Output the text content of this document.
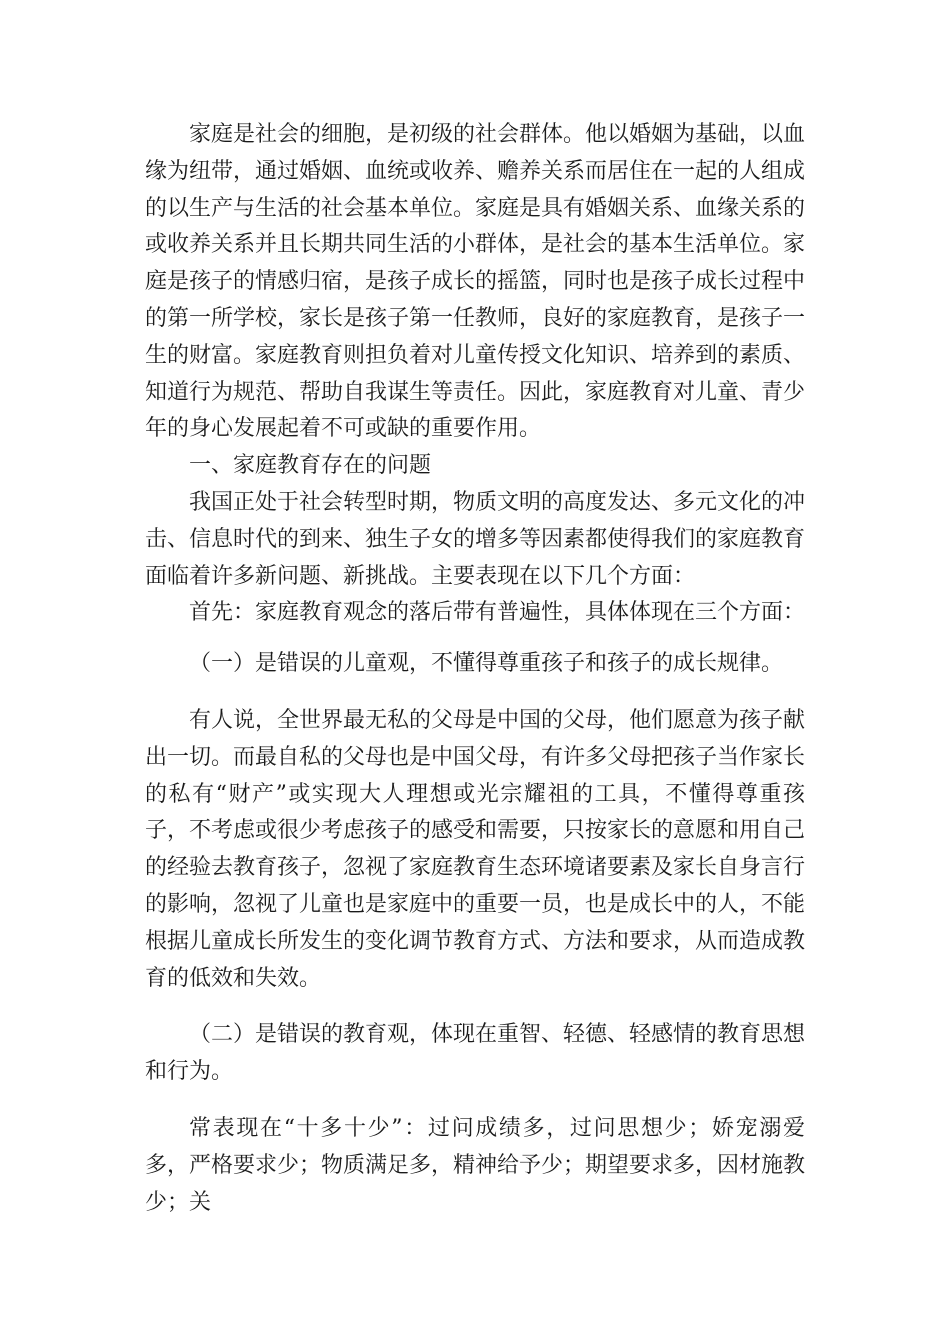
家庭是社会的细胞，是初级的社会群体。他以婚姻为基础，以血缘为纽带，通过婚姻、血统或收养、赡养关系而居住在一起的人组成的以生产与生活的社会基本单位。家庭是具有婚姻关系、血缘关系的或收养关系并且长期共同生活的小群体，是社会的基本生活单位。家庭是孩子的情感归宿，是孩子成长的摇篮，同时也是孩子成长过程中的第一所学校，家长是孩子第一任教师，良好的家庭教育，是孩子一生的财富。家庭教育则担负着对儿童传授文化知识、培养到的素质、知道行为规范、帮助自我谋生等责任。因此，家庭教育对儿童、青少年的身心发展起着不可或缺的重要作用。

一、家庭教育存在的问题

我国正处于社会转型时期，物质文明的高度发达、多元文化的冲击、信息时代的到来、独生子女的增多等因素都使得我们的家庭教育面临着许多新问题、新挑战。主要表现在以下几个方面：

首先：家庭教育观念的落后带有普遍性，具体体现在三个方面：

（一）是错误的儿童观，不懂得尊重孩子和孩子的成长规律。

有人说，全世界最无私的父母是中国的父母，他们愿意为孩子献出一切。而最自私的父母也是中国父母，有许多父母把孩子当作家长的私有“财产”或实现大人理想或光宗耀祖的工具，不懂得尊重孩子，不考虑或很少考虑孩子的感受和需要，只按家长的意愿和用自己的经验去教育孩子，忽视了家庭教育生态环境诸要素及家长自身言行的影响，忽视了儿童也是家庭中的重要一员，也是成长中的人，不能根据儿童成长所发生的变化调节教育方式、方法和要求，从而造成教育的低效和失效。

（二）是错误的教育观，体现在重智、轻德、轻感情的教育思想和行为。

常表现在“十多十少”：过问成绩多，过问思想少；娇宠溺爱多，严格要求少；物质满足多，精神给予少；期望要求多，因材施教少；关
